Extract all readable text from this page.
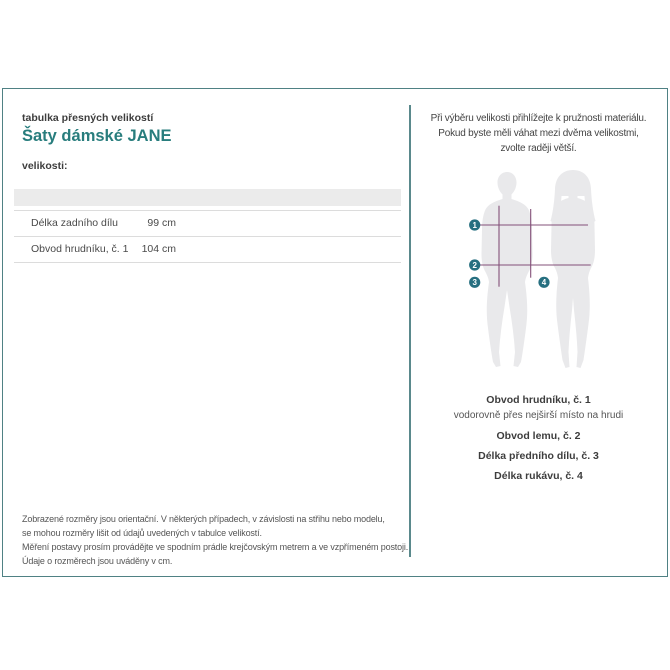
tabulka přesných velikostí
Šaty dámské JANE
velikosti:
Délka zadního dílu	99 cm
Obvod hrudníku, č. 1	104 cm
Zobrazené rozměry jsou orientační. V některých případech, v závislosti na střihu nebo modelu,
se mohou rozměry lišit od údajů uvedených v tabulce velikostí.
Měření postavy prosím provádějte ve spodním prádle krejčovským metrem a ve vzpřímeném postoji.
Údaje o rozměrech jsou uváděny v cm.
Při výběru velikosti přihlížejte k pružnosti materiálu.
Pokud byste měli váhat mezi dvěma velikostmi,
zvolte raději větší.
1
2
3	4
Obvod hrudníku, č. 1
vodorovně přes nejširší místo na hrudi
Obvod lemu, č. 2
Délka předního dílu, č. 3
Délka rukávu, č. 4
